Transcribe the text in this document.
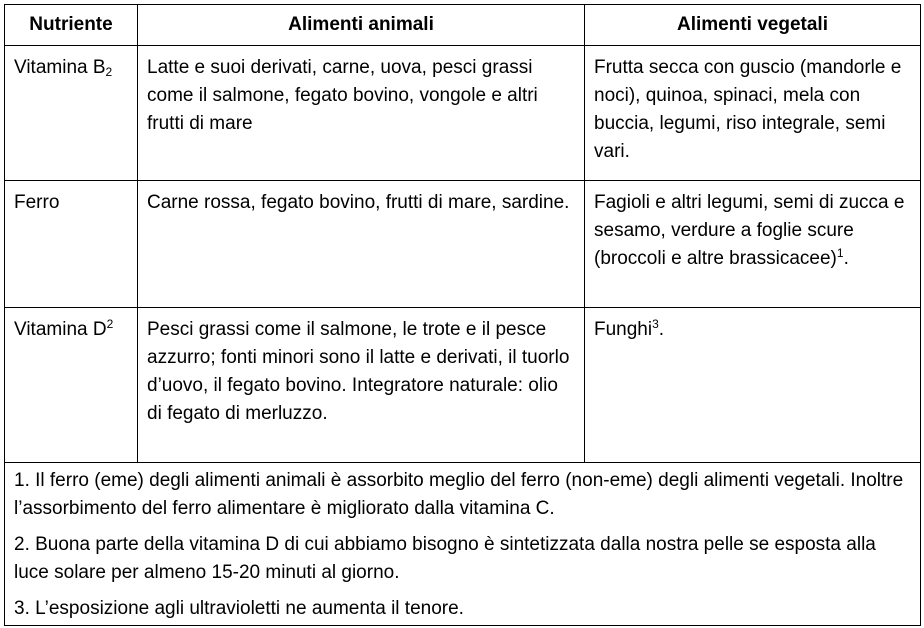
Nutriente	Alimenti animali	Alimenti vegetali
Vitamina $B_2$	Latte e suoi derivati, carne, uova, pesci grassi come il salmone, fegato bovino, vongole e altri frutti di mare	Frutta secca con guscio (mandorle e noci), quinoa, spinaci, mela con buccia, legumi, riso integrale, semi vari.
Ferro	Carne rossa, fegato bovino, frutti di mare, sardine.	Fagioli e altri legumi, semi di zucca e sesamo, verdure a foglie scure (broccoli e altre brassicacee)$^1$.
Vitamina $D^2$	Pesci grassi come il salmone, le trote e il pesce azzurro; fonti minori sono il latte e derivati, il tuorlo d’uovo, il fegato bovino. Integratore naturale: olio di fegato di merluzzo.	Funghi$^3$.

1. Il ferro (eme) degli alimenti animali è assorbito meglio del ferro (non-eme) degli alimenti vegetali. Inoltre l’assorbimento del ferro alimentare è migliorato dalla vitamina C.
2. Buona parte della vitamina D di cui abbiamo bisogno è sintetizzata dalla nostra pelle se esposta alla luce solare per almeno 15-20 minuti al giorno.
3. L’esposizione agli ultravioletti ne aumenta il tenore.		
